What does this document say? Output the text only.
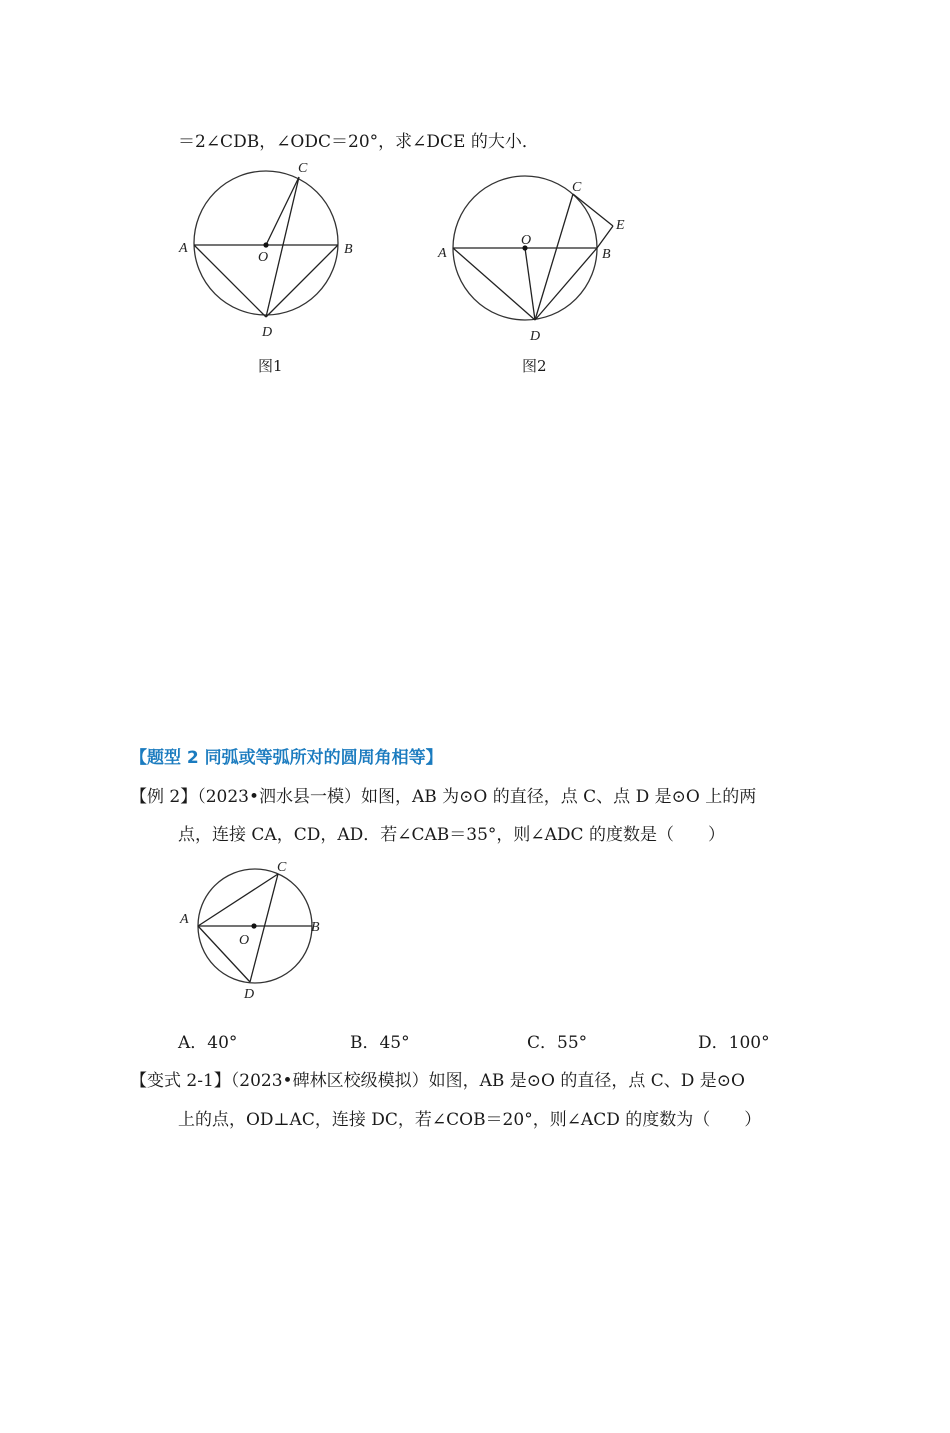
＝2∠CDB，∠ODC＝20°，求∠DCE 的大小．
A	B
C
D
O
图1
A	B
C
D
E
O
图2
【题型 2 同弧或等弧所对的圆周角相等】
【例 2】（2023•泗水县一模）如图，AB 为⊙O 的直径，点 C、点 D 是⊙O 上的两
点，连接 CA，CD，AD．若∠CAB＝35°，则∠ADC 的度数是（　　）
A
B
C
D
O
A．40°	B．45°	C．55°	D．100°
【变式 2-1】（2023•碑林区校级模拟）如图，AB 是⊙O 的直径，点 C、D 是⊙O
上的点，OD⊥AC，连接 DC，若∠COB＝20°，则∠ACD 的度数为（　　）
